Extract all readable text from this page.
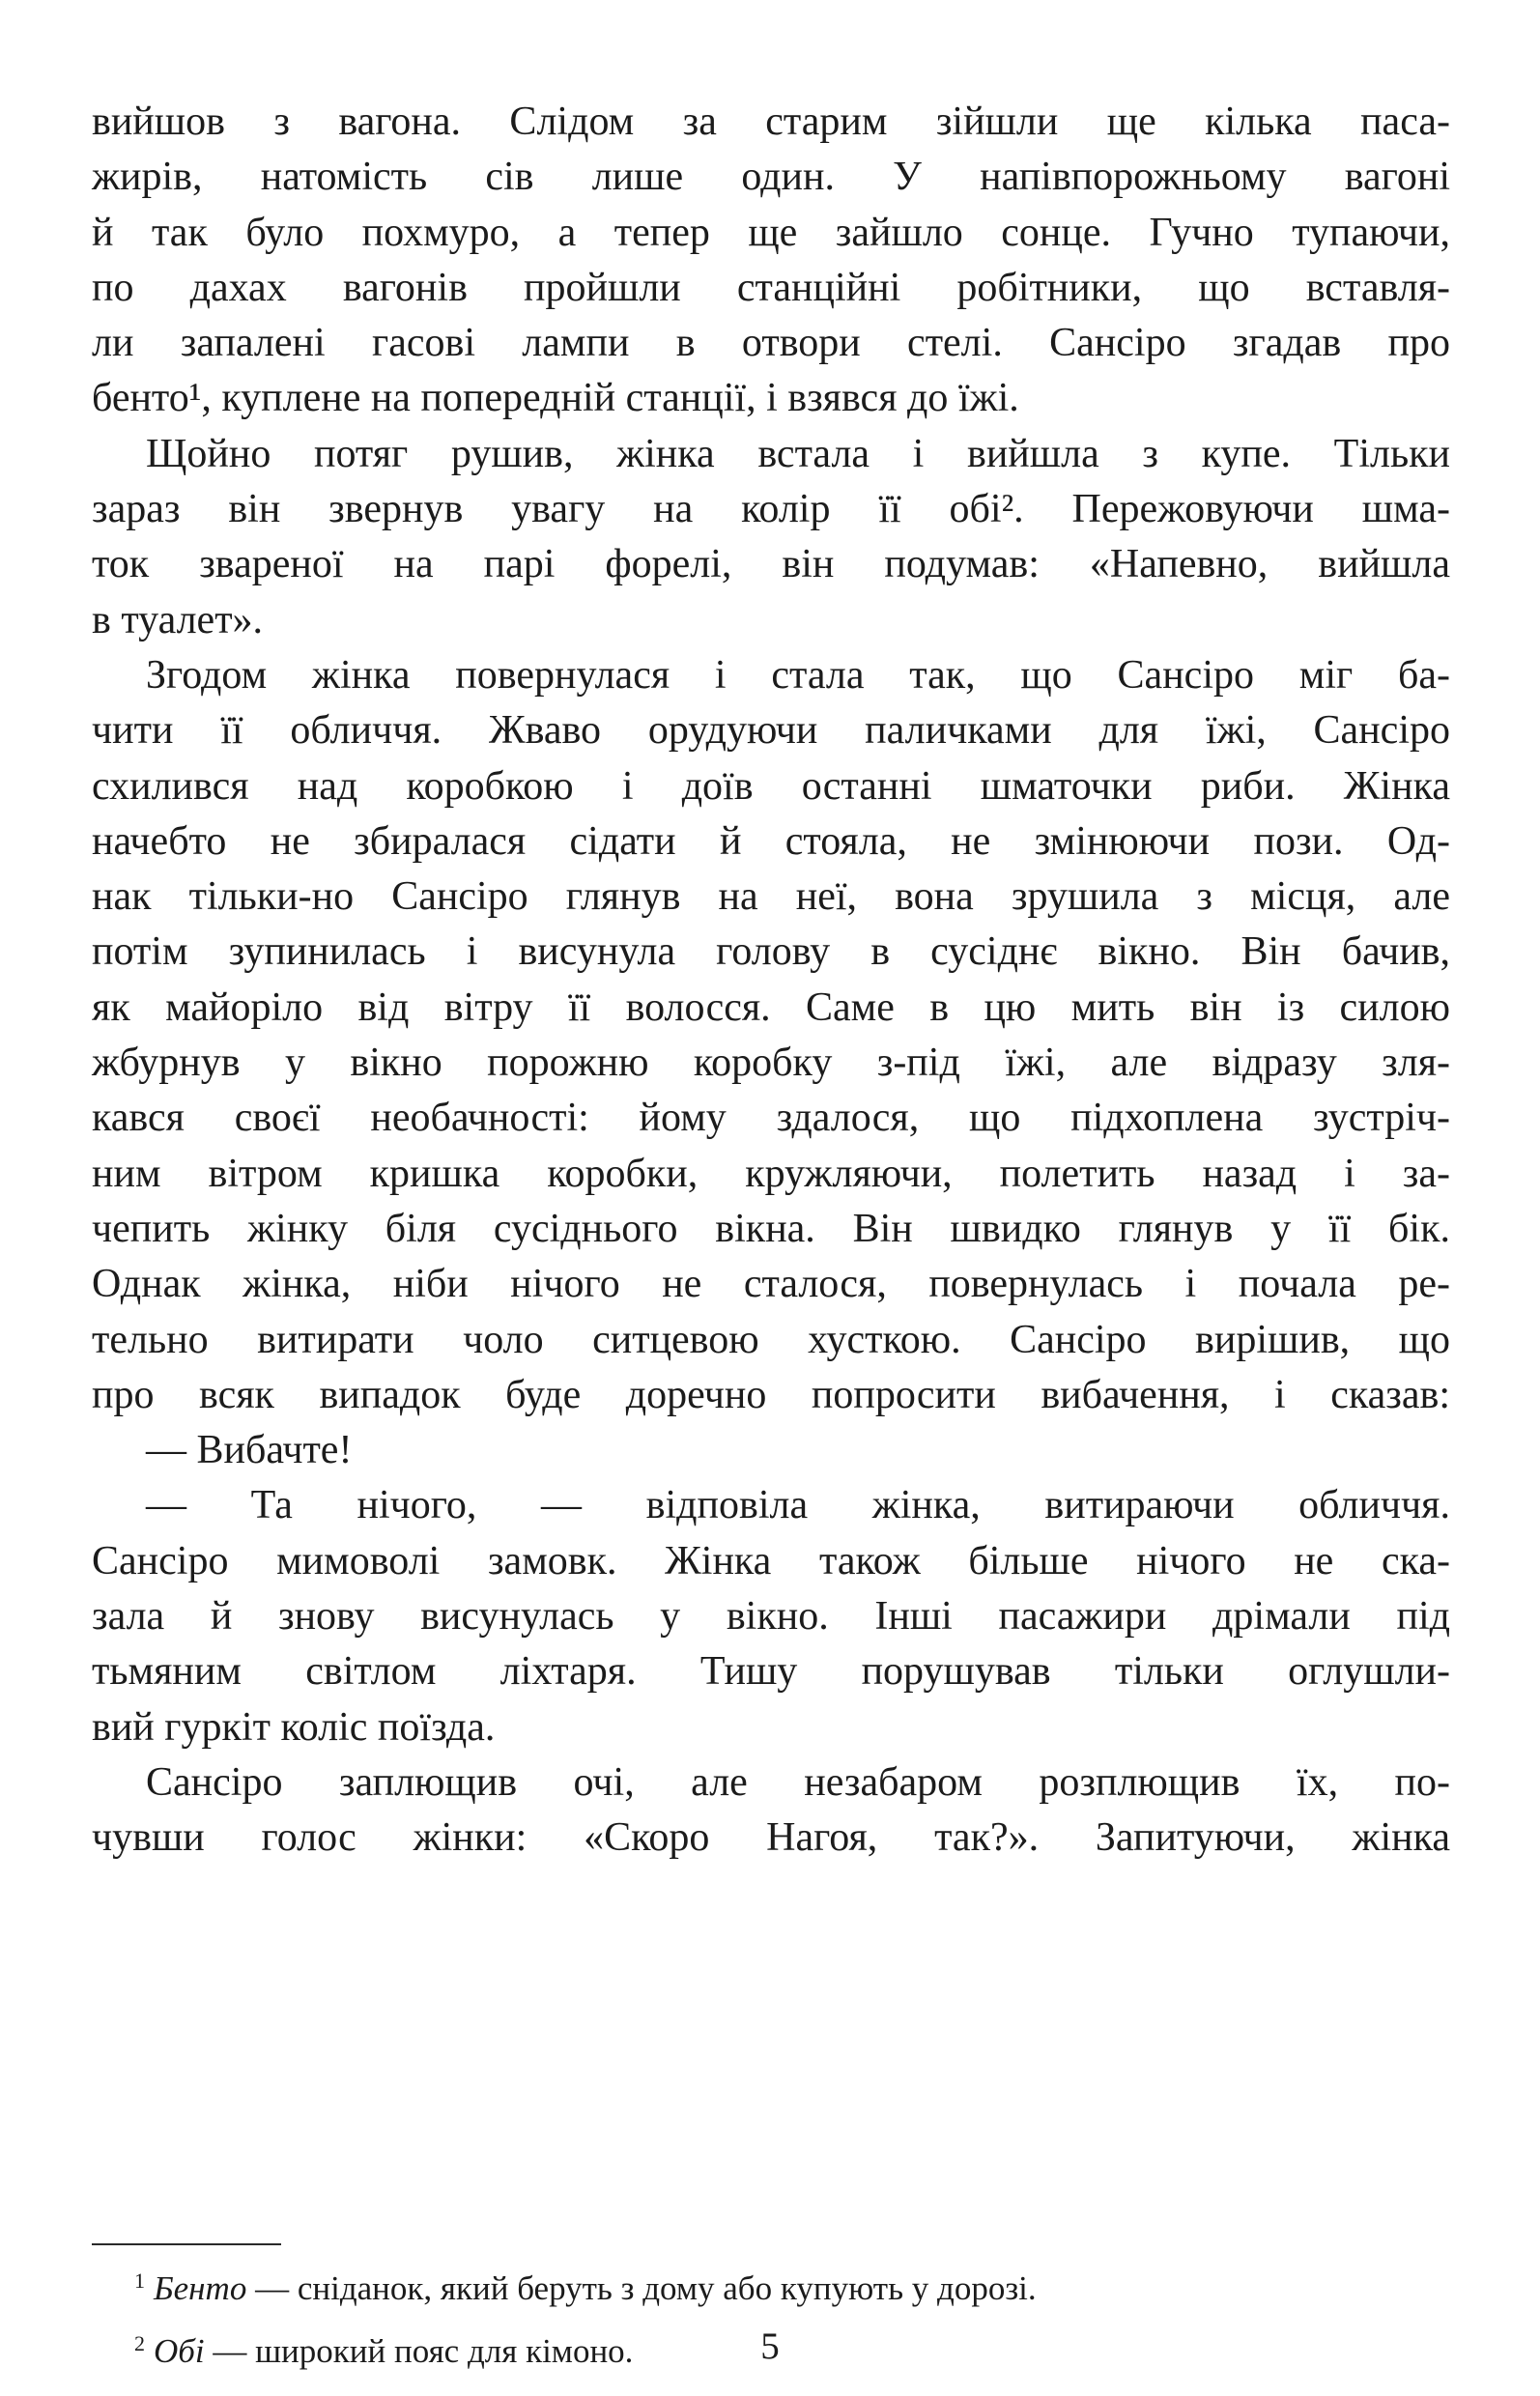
вийшов з вагона. Слідом за старим зійшли ще кілька паса-
жирів, натомість сів лише один. У напівпорожньому вагоні
й так було похмуро, а тепер ще зайшло сонце. Гучно тупаючи,
по дахах вагонів пройшли станційні робітники, що вставля-
ли запалені гасові лампи в отвори стелі. Сансіро згадав про
бенто¹, куплене на попередній станції, і взявся до їжі.
Щойно потяг рушив, жінка встала і вийшла з купе. Тільки
зараз він звернув увагу на колір її обі². Пережовуючи шма-
ток звареної на парі форелі, він подумав: «Напевно, вийшла
в туалет».
Згодом жінка повернулася і стала так, що Сансіро міг ба-
чити її обличчя. Жваво орудуючи паличками для їжі, Сансіро
схилився над коробкою і доїв останні шматочки риби. Жінка
начебто не збиралася сідати й стояла, не змінюючи пози. Од-
нак тільки-но Сансіро глянув на неї, вона зрушила з місця, але
потім зупинилась і висунула голову в сусіднє вікно. Він бачив,
як майоріло від вітру її волосся. Саме в цю мить він із силою
жбурнув у вікно порожню коробку з-під їжі, але відразу зля-
кався своєї необачності: йому здалося, що підхоплена зустріч-
ним вітром кришка коробки, кружляючи, полетить назад і за-
чепить жінку біля сусіднього вікна. Він швидко глянув у її бік.
Однак жінка, ніби нічого не сталося, повернулась і почала ре-
тельно витирати чоло ситцевою хусткою. Сансіро вирішив, що
про всяк випадок буде доречно попросити вибачення, і сказав:
— Вибачте!
— Та нічого, — відповіла жінка, витираючи обличчя.
Сансіро мимоволі замовк. Жінка також більше нічого не ска-
зала й знову висунулась у вікно. Інші пасажири дрімали під
тьмяним світлом ліхтаря. Тишу порушував тільки оглушли-
вий гуркіт коліс поїзда.
Сансіро заплющив очі, але незабаром розплющив їх, по-
чувши голос жінки: «Скоро Нагоя, так?». Запитуючи, жінка
$^1$ Бенто — сніданок, який беруть з дому або купують у дорозі.
$^2$ Обі — широкий пояс для кімоно.	5
